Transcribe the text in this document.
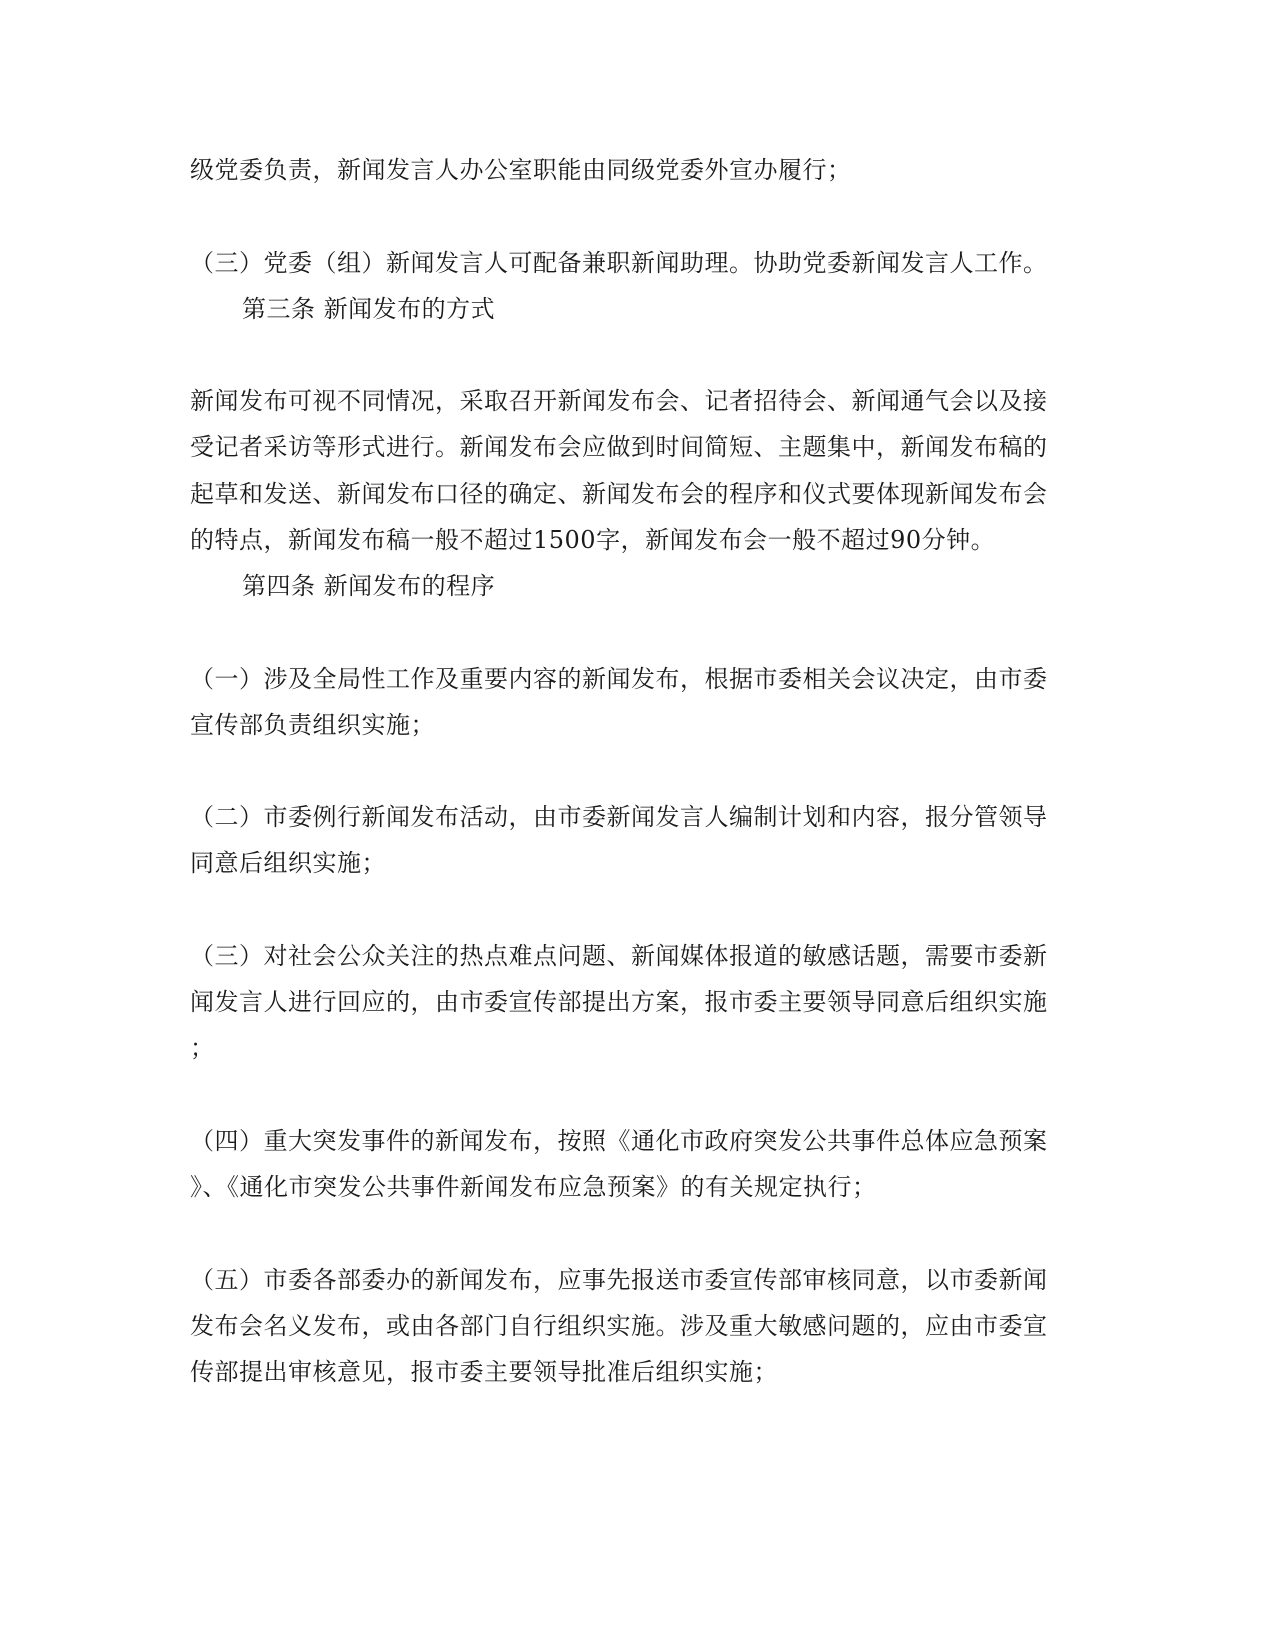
级党委负责，新闻发言人办公室职能由同级党委外宣办履行；
（三）党委（组）新闻发言人可配备兼职新闻助理。协助党委新闻发言人工作。
第三条 新闻发布的方式
新闻发布可视不同情况，采取召开新闻发布会、记者招待会、新闻通气会以及接
受记者采访等形式进行。新闻发布会应做到时间简短、主题集中，新闻发布稿的
起草和发送、新闻发布口径的确定、新闻发布会的程序和仪式要体现新闻发布会
的特点，新闻发布稿一般不超过1500字，新闻发布会一般不超过90分钟。
第四条 新闻发布的程序
（一）涉及全局性工作及重要内容的新闻发布，根据市委相关会议决定，由市委
宣传部负责组织实施；
（二）市委例行新闻发布活动，由市委新闻发言人编制计划和内容，报分管领导
同意后组织实施；
（三）对社会公众关注的热点难点问题、新闻媒体报道的敏感话题，需要市委新
闻发言人进行回应的，由市委宣传部提出方案，报市委主要领导同意后组织实施
；
（四）重大突发事件的新闻发布，按照《通化市政府突发公共事件总体应急预案
》、《通化市突发公共事件新闻发布应急预案》的有关规定执行；
（五）市委各部委办的新闻发布，应事先报送市委宣传部审核同意，以市委新闻
发布会名义发布，或由各部门自行组织实施。涉及重大敏感问题的，应由市委宣
传部提出审核意见，报市委主要领导批准后组织实施；
